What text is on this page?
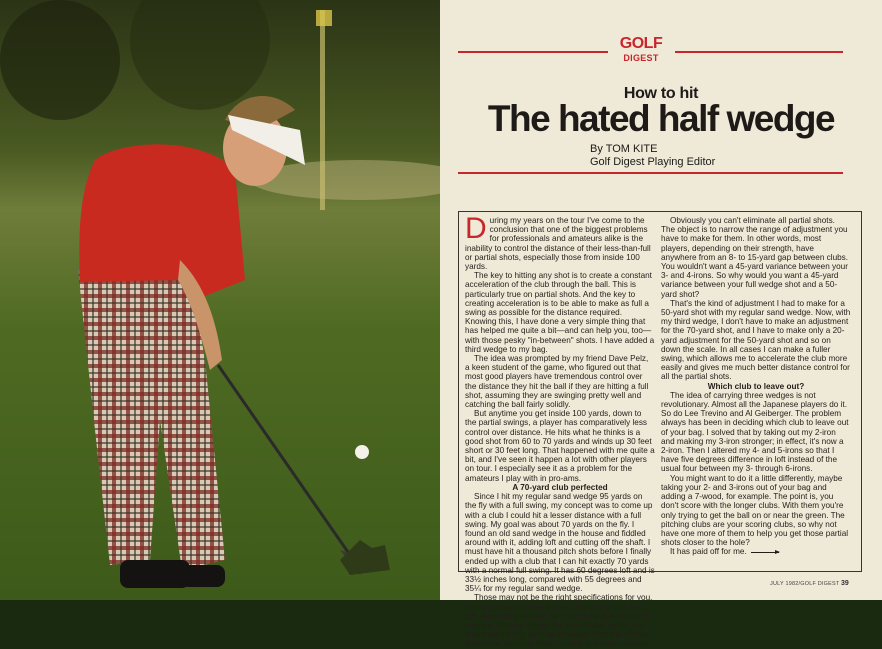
GOLF
DIGEST
How to hit
The hated half wedge
By TOM KITE
Golf Digest Playing Editor

During my years on the tour I've come to the conclusion that one of the biggest problems for professionals and amateurs alike is the inability to control the distance of their less-than-full or partial shots, especially those from inside 100 yards.

The key to hitting any shot is to create a constant acceleration of the club through the ball. This is particularly true on partial shots. And the key to creating acceleration is to be able to make as full a swing as possible for the distance required. Knowing this, I have done a very simple thing that has helped me quite a bit—and can help you, too—with those pesky "in-between" shots. I have added a third wedge to my bag.

The idea was prompted by my friend Dave Pelz, a keen student of the game, who figured out that most good players have tremendous control over the distance they hit the ball if they are hitting a full shot, assuming they are swinging pretty well and catching the ball fairly solidly.

But anytime you get inside 100 yards, down to the partial swings, a player has comparatively less control over distance. He hits what he thinks is a good shot from 60 to 70 yards and winds up 30 feet short or 30 feet long. That happened with me quite a bit, and I've seen it happen a lot with other players on tour. I especially see it as a problem for the amateurs I play with in pro-ams.

A 70-yard club perfected

Since I hit my regular sand wedge 95 yards on the fly with a full swing, my concept was to come up with a club I could hit a lesser distance with a full swing. My goal was about 70 yards on the fly. I found an old sand wedge in the house and fiddled around with it, adding loft and cutting off the shaft. I must have hit a thousand pitch shots before I finally ended up with a club that I can hit exactly 70 yards with a normal full swing. It has 60 degrees loft and is 33½ inches long, compared with 55 degrees and 35¼ for my regular sand wedge.

Those may not be the right specifications for you. You might want a little longer club with a little less loft, depending on how far you hit the ball. If you hit only the pitching wedge for your partial shots, you might want to try your sand wedge from the shorter distances, which in effect is adding another wedge.

Obviously you can't eliminate all partial shots. The object is to narrow the range of adjustment you have to make for them. In other words, most players, depending on their strength, have anywhere from an 8- to 15-yard gap between clubs. You wouldn't want a 45-yard variance between your 3- and 4-irons. So why would you want a 45-yard variance between your full wedge shot and a 50-yard shot?

That's the kind of adjustment I had to make for a 50-yard shot with my regular sand wedge. Now, with my third wedge, I don't have to make an adjustment for the 70-yard shot, and I have to make only a 20-yard adjustment for the 50-yard shot and so on down the scale. In all cases I can make a fuller swing, which allows me to accelerate the club more easily and gives me much better distance control for all the partial shots.

Which club to leave out?

The idea of carrying three wedges is not revolutionary. Almost all the Japanese players do it. So do Lee Trevino and Al Geiberger. The problem always has been in deciding which club to leave out of your bag. I solved that by taking out my 2-iron and making my 3-iron stronger; in effect, it's now a 2-iron. Then I altered my 4- and 5-irons so that I have five degrees difference in loft instead of the usual four between my 3- through 6-irons.

You might want to do it a little differently, maybe taking your 2- and 3-irons out of your bag and adding a 7-wood, for example. The point is, you don't score with the longer clubs. With them you're only trying to get the ball on or near the green. The pitching clubs are your scoring clubs, so why not have one more of them to help you get those partial shots closer to the hole?

It has paid off for me.

JULY 1982/GOLF DIGEST 39
